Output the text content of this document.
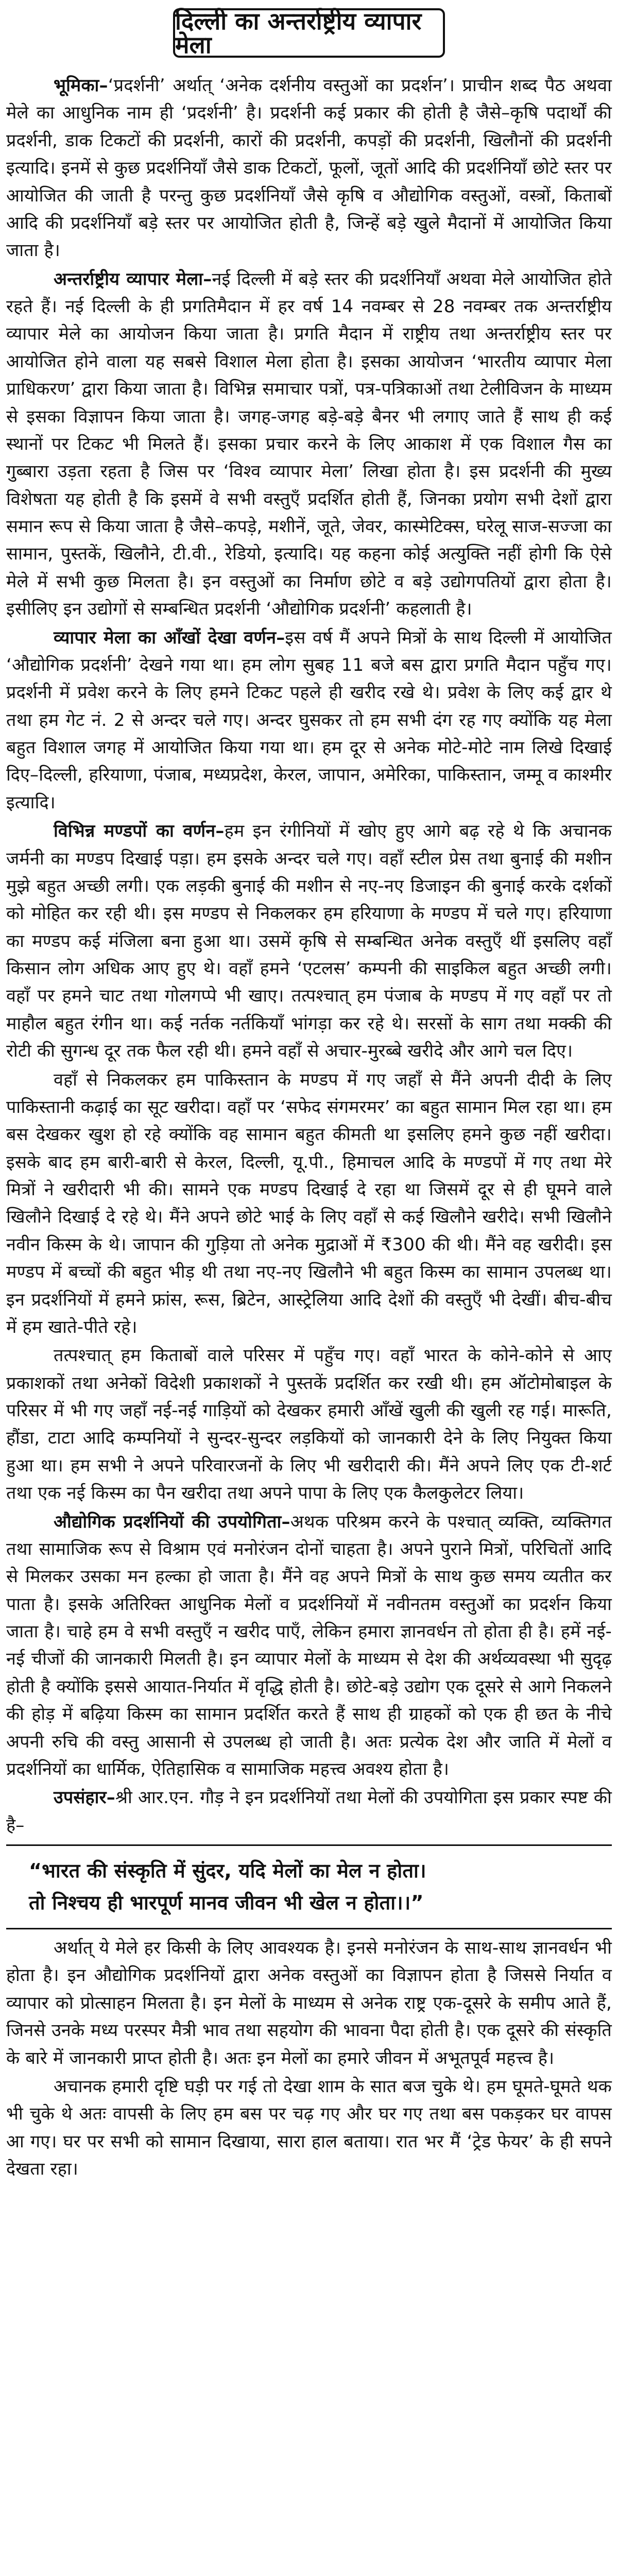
दिल्ली का अन्तर्राष्ट्रीय व्यापार मेला

भूमिका–‘प्रदर्शनी’ अर्थात् ‘अनेक दर्शनीय वस्तुओं का प्रदर्शन’। प्राचीन शब्द पैठ अथवा मेले का आधुनिक नाम ही ‘प्रदर्शनी’ है। प्रदर्शनी कई प्रकार की होती है जैसे–कृषि पदार्थों की प्रदर्शनी, डाक टिकटों की प्रदर्शनी, कारों की प्रदर्शनी, कपड़ों की प्रदर्शनी, खिलौनों की प्रदर्शनी इत्यादि। इनमें से कुछ प्रदर्शनियाँ जैसे डाक टिकटों, फूलों, जूतों आदि की प्रदर्शनियाँ छोटे स्तर पर आयोजित की जाती है परन्तु कुछ प्रदर्शनियाँ जैसे कृषि व औद्योगिक वस्तुओं, वस्त्रों, किताबों आदि की प्रदर्शनियाँ बड़े स्तर पर आयोजित होती है, जिन्हें बड़े खुले मैदानों में आयोजित किया जाता है।

अन्तर्राष्ट्रीय व्यापार मेला–नई दिल्ली में बड़े स्तर की प्रदर्शनियाँ अथवा मेले आयोजित होते रहते हैं। नई दिल्ली के ही प्रगतिमैदान में हर वर्ष 14 नवम्बर से 28 नवम्बर तक अन्तर्राष्ट्रीय व्यापार मेले का आयोजन किया जाता है। प्रगति मैदान में राष्ट्रीय तथा अन्तर्राष्ट्रीय स्तर पर आयोजित होने वाला यह सबसे विशाल मेला होता है। इसका आयोजन ‘भारतीय व्यापार मेला प्राधिकरण’ द्वारा किया जाता है। विभिन्न समाचार पत्रों, पत्र-पत्रिकाओं तथा टेलीविजन के माध्यम से इसका विज्ञापन किया जाता है। जगह-जगह बड़े-बड़े बैनर भी लगाए जाते हैं साथ ही कई स्थानों पर टिकट भी मिलते हैं। इसका प्रचार करने के लिए आकाश में एक विशाल गैस का गुब्बारा उड़ता रहता है जिस पर ‘विश्व व्यापार मेला’ लिखा होता है। इस प्रदर्शनी की मुख्य विशेषता यह होती है कि इसमें वे सभी वस्तुएँ प्रदर्शित होती हैं, जिनका प्रयोग सभी देशों द्वारा समान रूप से किया जाता है जैसे–कपड़े, मशीनें, जूते, जेवर, कास्मेटिक्स, घरेलू साज-सज्जा का सामान, पुस्तकें, खिलौने, टी.वी., रेडियो, इत्यादि। यह कहना कोई अत्युक्ति नहीं होगी कि ऐसे मेले में सभी कुछ मिलता है। इन वस्तुओं का निर्माण छोटे व बड़े उद्योगपतियों द्वारा होता है। इसीलिए इन उद्योगों से सम्बन्धित प्रदर्शनी ‘औद्योगिक प्रदर्शनी’ कहलाती है।

व्यापार मेला का आँखों देखा वर्णन–इस वर्ष मैं अपने मित्रों के साथ दिल्ली में आयोजित ‘औद्योगिक प्रदर्शनी’ देखने गया था। हम लोग सुबह 11 बजे बस द्वारा प्रगति मैदान पहुँच गए। प्रदर्शनी में प्रवेश करने के लिए हमने टिकट पहले ही खरीद रखे थे। प्रवेश के लिए कई द्वार थे तथा हम गेट नं. 2 से अन्दर चले गए। अन्दर घुसकर तो हम सभी दंग रह गए क्योंकि यह मेला बहुत विशाल जगह में आयोजित किया गया था। हम दूर से अनेक मोटे-मोटे नाम लिखे दिखाई दिए–दिल्ली, हरियाणा, पंजाब, मध्यप्रदेश, केरल, जापान, अमेरिका, पाकिस्तान, जम्मू व काश्मीर इत्यादि।

विभिन्न मण्डपों का वर्णन–हम इन रंगीनियों में खोए हुए आगे बढ़ रहे थे कि अचानक जर्मनी का मण्डप दिखाई पड़ा। हम इसके अन्दर चले गए। वहाँ स्टील प्रेस तथा बुनाई की मशीन मुझे बहुत अच्छी लगी। एक लड़की बुनाई की मशीन से नए-नए डिजाइन की बुनाई करके दर्शकों को मोहित कर रही थी। इस मण्डप से निकलकर हम हरियाणा के मण्डप में चले गए। हरियाणा का मण्डप कई मंजिला बना हुआ था। उसमें कृषि से सम्बन्धित अनेक वस्तुएँ थीं इसलिए वहाँ किसान लोग अधिक आए हुए थे। वहाँ हमने ‘एटलस’ कम्पनी की साइकिल बहुत अच्छी लगी। वहाँ पर हमने चाट तथा गोलगप्पे भी खाए। तत्पश्चात् हम पंजाब के मण्डप में गए वहाँ पर तो माहौल बहुत रंगीन था। कई नर्तक नर्तकियाँ भांगड़ा कर रहे थे। सरसों के साग तथा मक्की की रोटी की सुगन्ध दूर तक फैल रही थी। हमने वहाँ से अचार-मुरब्बे खरीदे और आगे चल दिए।

वहाँ से निकलकर हम पाकिस्तान के मण्डप में गए जहाँ से मैंने अपनी दीदी के लिए पाकिस्तानी कढ़ाई का सूट खरीदा। वहाँ पर ‘सफेद संगमरमर’ का बहुत सामान मिल रहा था। हम बस देखकर खुश हो रहे क्योंकि वह सामान बहुत कीमती था इसलिए हमने कुछ नहीं खरीदा। इसके बाद हम बारी-बारी से केरल, दिल्ली, यू.पी., हिमाचल आदि के मण्डपों में गए तथा मेरे मित्रों ने खरीदारी भी की। सामने एक मण्डप दिखाई दे रहा था जिसमें दूर से ही घूमने वाले खिलौने दिखाई दे रहे थे। मैंने अपने छोटे भाई के लिए वहाँ से कई खिलौने खरीदे। सभी खिलौने नवीन किस्म के थे। जापान की गुड़िया तो अनेक मुद्राओं में ₹300 की थी। मैंने वह खरीदी। इस मण्डप में बच्चों की बहुत भीड़ थी तथा नए-नए खिलौने भी बहुत किस्म का सामान उपलब्ध था। इन प्रदर्शनियों में हमने फ्रांस, रूस, ब्रिटेन, आस्ट्रेलिया आदि देशों की वस्तुएँ भी देखीं। बीच-बीच में हम खाते-पीते रहे।

तत्पश्चात् हम किताबों वाले परिसर में पहुँच गए। वहाँ भारत के कोने-कोने से आए प्रकाशकों तथा अनेकों विदेशी प्रकाशकों ने पुस्तकें प्रदर्शित कर रखी थी। हम ऑटोमोबाइल के परिसर में भी गए जहाँ नई-नई गाड़ियों को देखकर हमारी आँखें खुली की खुली रह गई। मारूति, हौंडा, टाटा आदि कम्पनियों ने सुन्दर-सुन्दर लड़कियों को जानकारी देने के लिए नियुक्त किया हुआ था। हम सभी ने अपने परिवारजनों के लिए भी खरीदारी की। मैंने अपने लिए एक टी-शर्ट तथा एक नई किस्म का पैन खरीदा तथा अपने पापा के लिए एक कैलकुलेटर लिया।

औद्योगिक प्रदर्शनियों की उपयोगिता–अथक परिश्रम करने के पश्चात् व्यक्ति, व्यक्तिगत तथा सामाजिक रूप से विश्राम एवं मनोरंजन दोनों चाहता है। अपने पुराने मित्रों, परिचितों आदि से मिलकर उसका मन हल्का हो जाता है। मैंने वह अपने मित्रों के साथ कुछ समय व्यतीत कर पाता है। इसके अतिरिक्त आधुनिक मेलों व प्रदर्शनियों में नवीनतम वस्तुओं का प्रदर्शन किया जाता है। चाहे हम वे सभी वस्तुएँ न खरीद पाएँ, लेकिन हमारा ज्ञानवर्धन तो होता ही है। हमें नई-नई चीजों की जानकारी मिलती है। इन व्यापार मेलों के माध्यम से देश की अर्थव्यवस्था भी सुदृढ़ होती है क्योंकि इससे आयात-निर्यात में वृद्धि होती है। छोटे-बड़े उद्योग एक दूसरे से आगे निकलने की होड़ में बढ़िया किस्म का सामान प्रदर्शित करते हैं साथ ही ग्राहकों को एक ही छत के नीचे अपनी रुचि की वस्तु आसानी से उपलब्ध हो जाती है। अतः प्रत्येक देश और जाति में मेलों व प्रदर्शनियों का धार्मिक, ऐतिहासिक व सामाजिक महत्त्व अवश्य होता है।

उपसंहार–श्री आर.एन. गौड़ ने इन प्रदर्शनियों तथा मेलों की उपयोगिता इस प्रकार स्पष्ट की है–

“भारत की संस्कृति में सुंदर, यदि मेलों का मेल न होता।
तो निश्चय ही भारपूर्ण मानव जीवन भी खेल न होता।।”

अर्थात् ये मेले हर किसी के लिए आवश्यक है। इनसे मनोरंजन के साथ-साथ ज्ञानवर्धन भी होता है। इन औद्योगिक प्रदर्शनियों द्वारा अनेक वस्तुओं का विज्ञापन होता है जिससे निर्यात व व्यापार को प्रोत्साहन मिलता है। इन मेलों के माध्यम से अनेक राष्ट्र एक-दूसरे के समीप आते हैं, जिनसे उनके मध्य परस्पर मैत्री भाव तथा सहयोग की भावना पैदा होती है। एक दूसरे की संस्कृति के बारे में जानकारी प्राप्त होती है। अतः इन मेलों का हमारे जीवन में अभूतपूर्व महत्त्व है।

अचानक हमारी दृष्टि घड़ी पर गई तो देखा शाम के सात बज चुके थे। हम घूमते-घूमते थक भी चुके थे अतः वापसी के लिए हम बस पर चढ़ गए और घर गए तथा बस पकड़कर घर वापस आ गए। घर पर सभी को सामान दिखाया, सारा हाल बताया। रात भर मैं ‘ट्रेड फेयर’ के ही सपने देखता रहा।
